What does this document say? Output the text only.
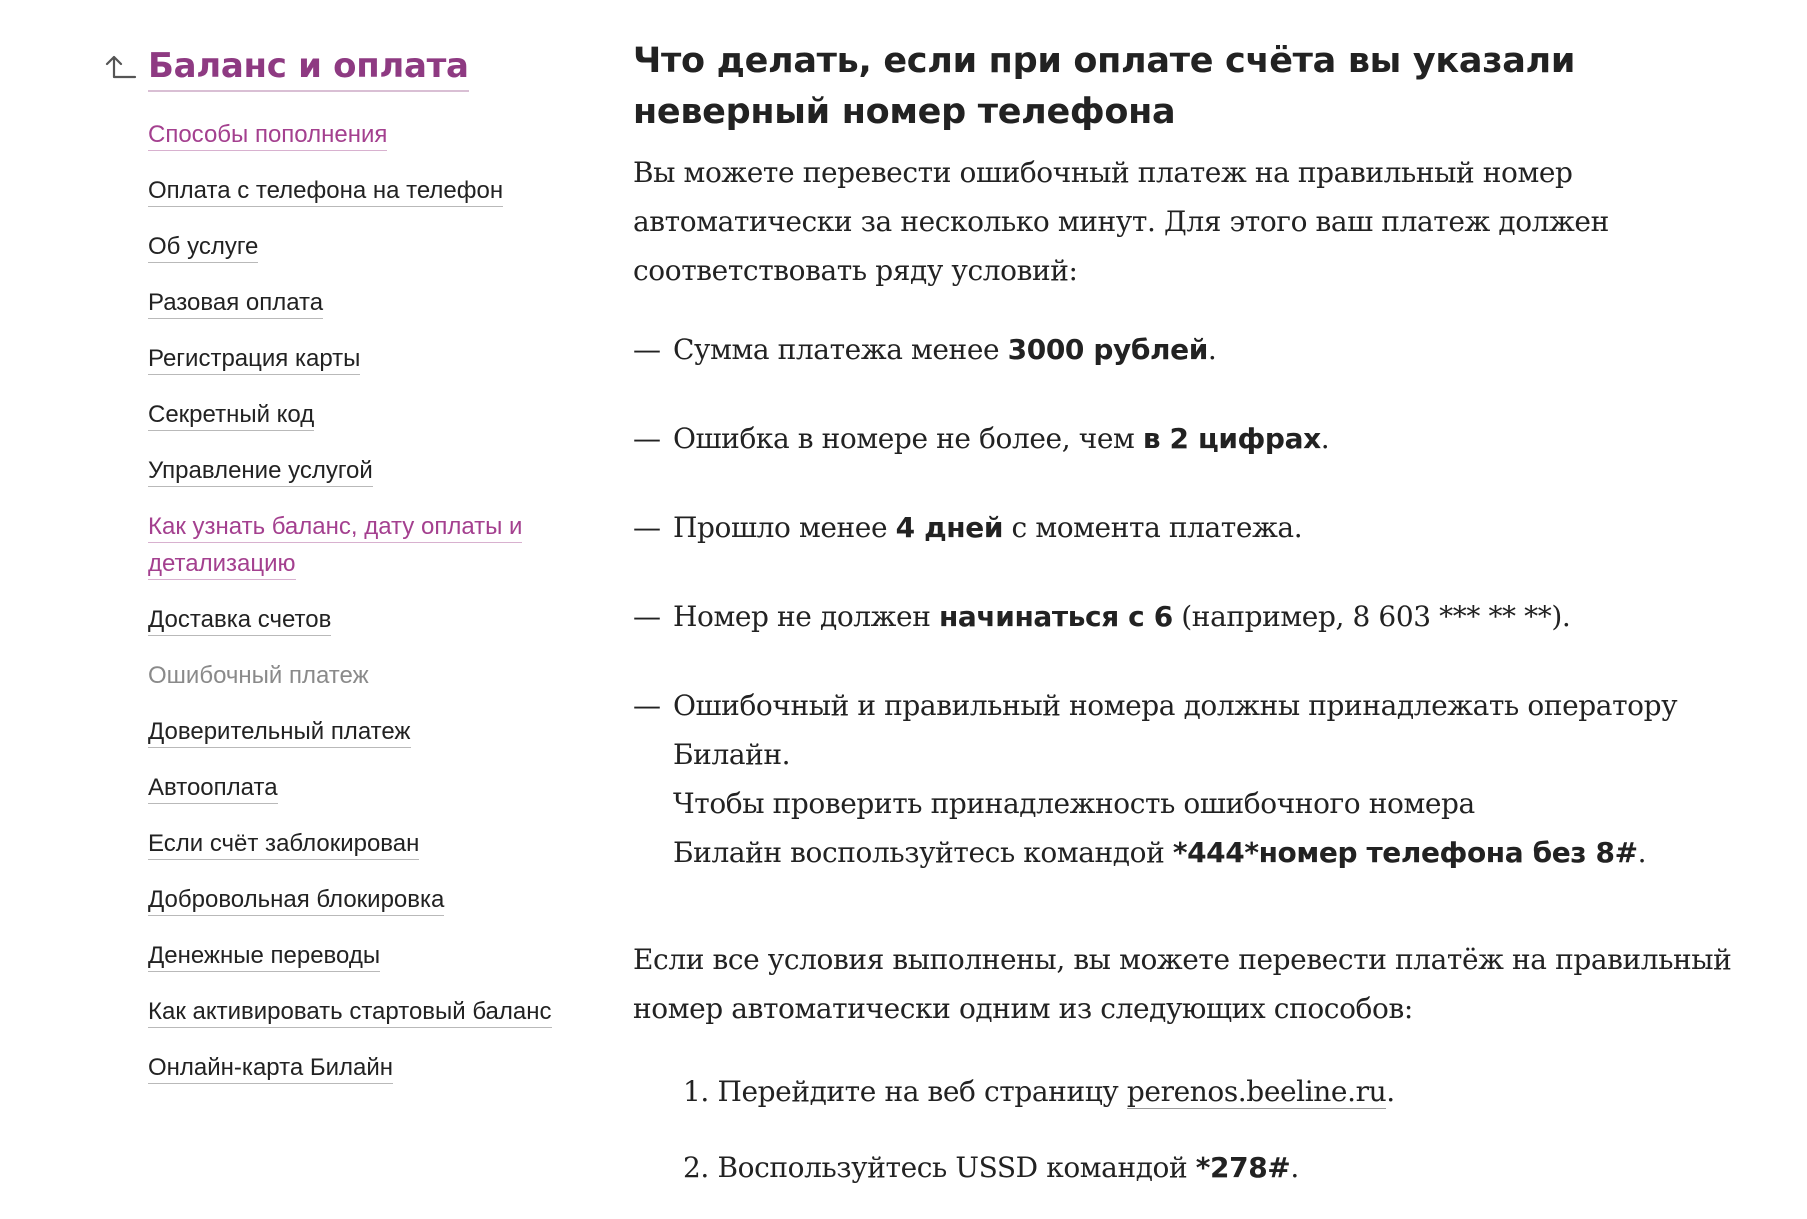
Баланс и оплата
Способы пополнения
Оплата с телефона на телефон
Об услуге
Разовая оплата
Регистрация карты
Секретный код
Управление услугой
Как узнать баланс, дату оплаты и детализацию
Доставка счетов
Ошибочный платеж
Доверительный платеж
Автооплата
Если счёт заблокирован
Добровольная блокировка
Денежные переводы
Как активировать стартовый баланс
Онлайн-карта Билайн
Что делать, если при оплате счёта вы указали неверный номер телефона

Вы можете перевести ошибочный платеж на правильный номер автоматически за несколько минут. Для этого ваш платеж должен соответствовать ряду условий:

— Сумма платежа менее 3000 рублей.
— Ошибка в номере не более, чем в 2 цифрах.
— Прошло менее 4 дней с момента платежа.
— Номер не должен начинаться с 6 (например, 8 603 *** ** **).
— Ошибочный и правильный номера должны принадлежать оператору Билайн.
Чтобы проверить принадлежность ошибочного номера
Билайн воспользуйтесь командой *444*номер телефона без 8#.

Если все условия выполнены, вы можете перевести платёж на правильный номер автоматически одним из следующих способов:

1. Перейдите на веб страницу perenos.beeline.ru.
2. Воспользуйтесь USSD командой *278#.
